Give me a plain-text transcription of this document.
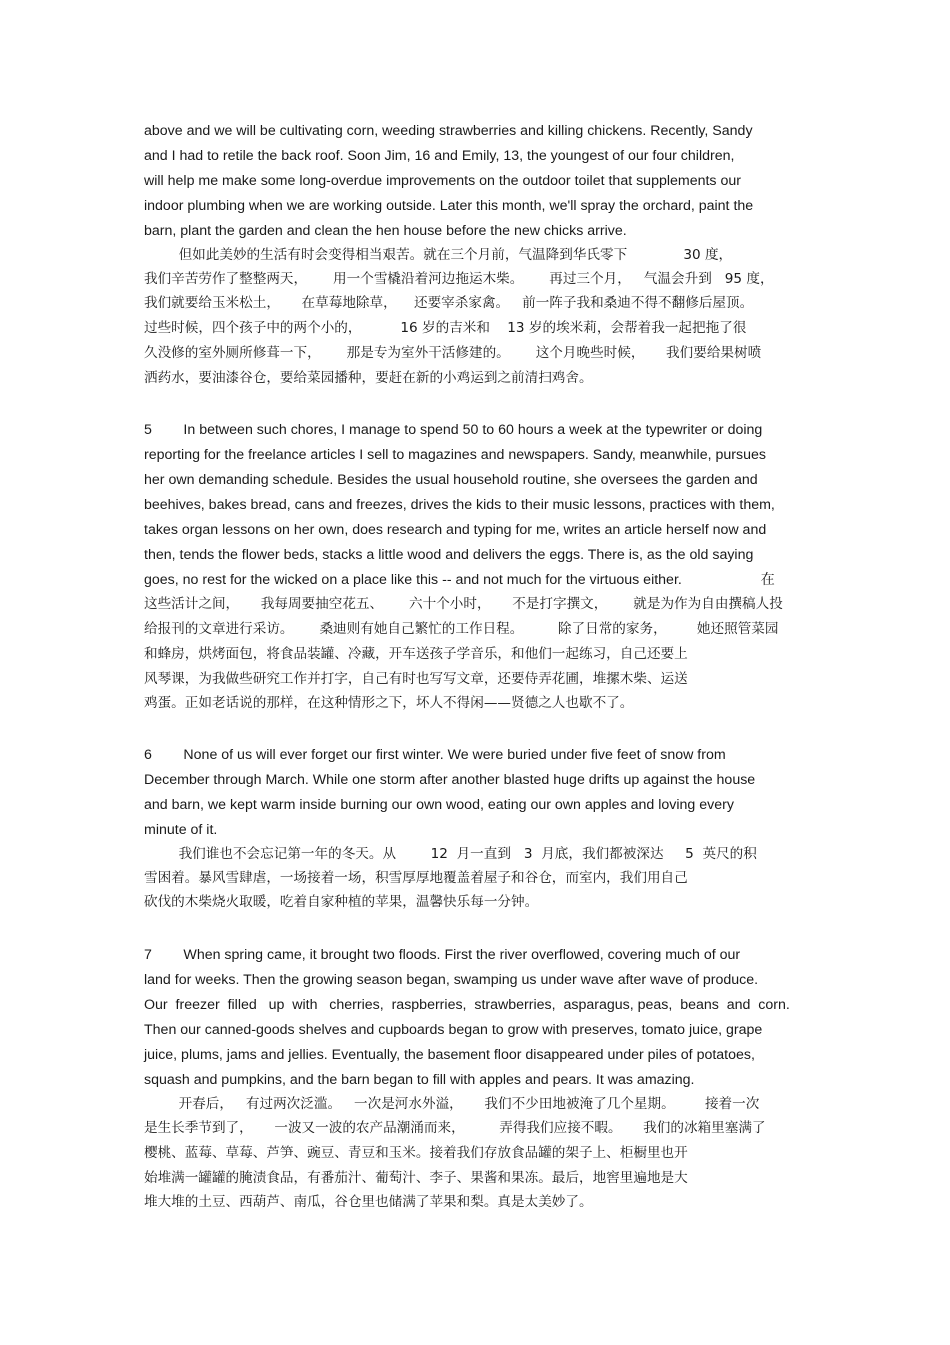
above and we will be cultivating corn, weeding strawberries and killing chickens. Recently, Sandy
and I had to retile the back roof. Soon Jim, 16 and Emily, 13, the youngest of our four children,
will help me make some long-overdue improvements on the outdoor toilet that supplements our
indoor plumbing when we are working outside. Later this month, we'll spray the orchard, paint the
barn, plant the garden and clean the hen house before the new chicks arrive.
但如此美妙的生活有时会变得相当艰苦。就在三个月前，气温降到华氏零下             30 度，
我们辛苦劳作了整整两天，      用一个雪橇沿着河边拖运木柴。      再过三个月，   气温会升到   95 度，
我们就要给玉米松土，     在草莓地除草，    还要宰杀家禽。   前一阵子我和桑迪不得不翻修后屋顶。
过些时候，四个孩子中的两个小的，         16 岁的吉米和    13 岁的埃米莉，会帮着我一起把拖了很
久没修的室外厕所修葺一下，      那是专为室外干活修建的。      这个月晚些时候，     我们要给果树喷
洒药水，要油漆谷仓，要给菜园播种，要赶在新的小鸡运到之前清扫鸡舍。
5        In between such chores, I manage to spend 50 to 60 hours a week at the typewriter or doing
reporting for the freelance articles I sell to magazines and newspapers. Sandy, meanwhile, pursues
her own demanding schedule. Besides the usual household routine, she oversees the garden and
beehives, bakes bread, cans and freezes, drives the kids to their music lessons, practices with them,
takes organ lessons on her own, does research and typing for me, writes an article herself now and
then, tends the flower beds, stacks a little wood and delivers the eggs. There is, as the old saying
goes, no rest for the wicked on a place like this -- and not much for the virtuous either.                    在
这些活计之间，     我每周要抽空花五、      六十个小时，     不是打字撰文，      就是为作为自由撰稿人投
给报刊的文章进行采访。      桑迪则有她自己繁忙的工作日程。        除了日常的家务，       她还照管菜园
和蜂房，烘烤面包，将食品装罐、冷藏，开车送孩子学音乐，和他们一起练习，自己还要上
风琴课，为我做些研究工作并打字，自己有时也写写文章，还要侍弄花圃，堆摞木柴、运送
鸡蛋。正如老话说的那样，在这种情形之下，坏人不得闲——贤德之人也歇不了。
6        None of us will ever forget our first winter. We were buried under five feet of snow from
December through March. While one storm after another blasted huge drifts up against the house
and barn, we kept warm inside burning our own wood, eating our own apples and loving every
minute of it.
我们谁也不会忘记第一年的冬天。从        12  月一直到   3  月底，我们都被深达     5  英尺的积
雪困着。暴风雪肆虐，一场接着一场，积雪厚厚地覆盖着屋子和谷仓，而室内，我们用自己
砍伐的木柴烧火取暖，吃着自家种植的苹果，温馨快乐每一分钟。
7        When spring came, it brought two floods. First the river overflowed, covering much of our
land for weeks. Then the growing season began, swamping us under wave after wave of produce.
Our  freezer  filled   up  with   cherries,  raspberries,  strawberries,  asparagus, peas,  beans  and  corn.
Then our canned-goods shelves and cupboards began to grow with preserves, tomato juice, grape
juice, plums, jams and jellies. Eventually, the basement floor disappeared under piles of potatoes,
squash and pumpkins, and the barn began to fill with apples and pears. It was amazing.
开春后，   有过两次泛滥。   一次是河水外溢，     我们不少田地被淹了几个星期。       接着一次
是生长季节到了，     一波又一波的农产品潮涌而来，        弄得我们应接不暇。     我们的冰箱里塞满了
樱桃、蓝莓、草莓、芦笋、豌豆、青豆和玉米。接着我们存放食品罐的架子上、柜橱里也开
始堆满一罐罐的腌渍食品，有番茄汁、葡萄汁、李子、果酱和果冻。最后，地窖里遍地是大
堆大堆的土豆、西葫芦、南瓜，谷仓里也储满了苹果和梨。真是太美妙了。
